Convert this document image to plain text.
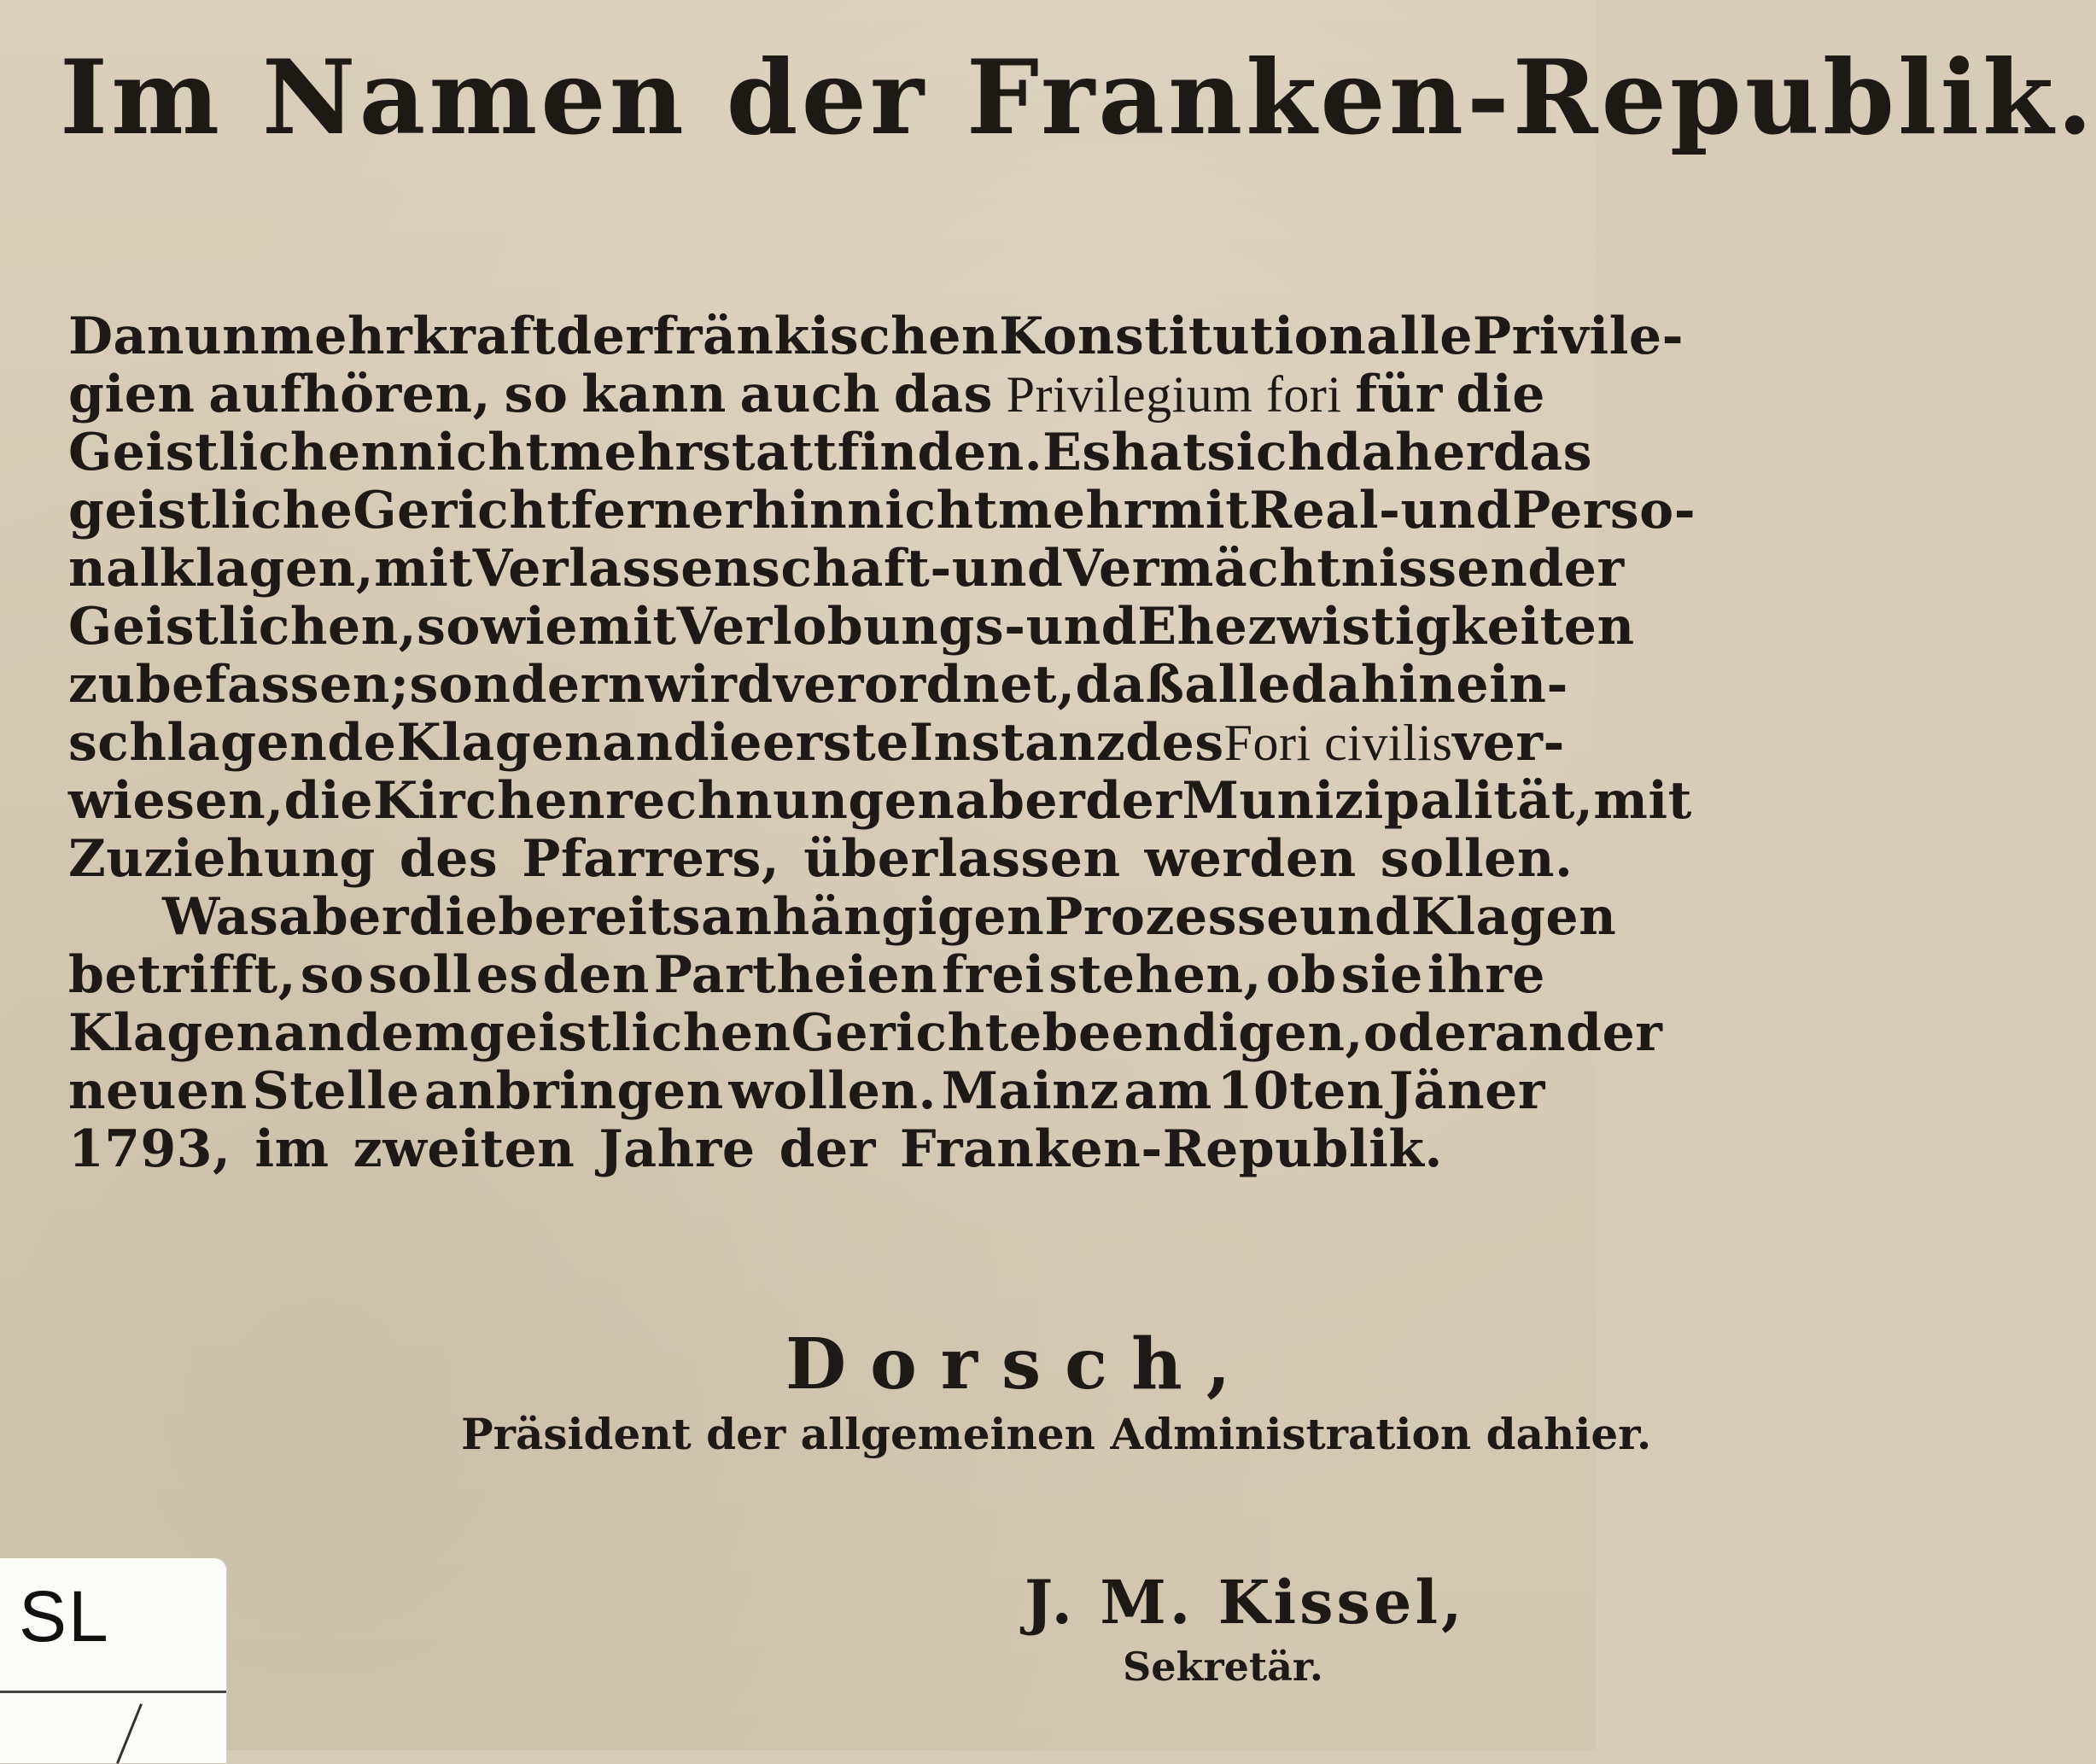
Im Namen der Franken-Republik.
Da nunmehr kraft der fränkischen Konstitution alle Privile-
gien aufhören, so kann auch das Privilegium fori für die
Geistlichen nicht mehr statt finden. Es hat sich daher das
geistliche Gericht fernerhin nicht mehr mit Real- und Perso-
nalklagen, mit Verlassenschaft- und Vermächtnissen der
Geistlichen, so wie mit Verlobungs- und Ehezwistigkeiten
zu befassen; sondern wird verordnet, daß alle dahin ein-
schlagende Klagen an die erste Instanz des Fori civilis ver-
wiesen, die Kirchenrechnungen aber der Munizipalität, mit
Zuziehung des Pfarrers, überlassen werden sollen.
Was aber die bereits anhängigen Prozesse und Klagen
betrifft, so soll es den Partheien frei stehen, ob sie ihre
Klagen an dem geistlichen Gerichte beendigen, oder an der
neuen Stelle anbringen wollen. Mainz am 10ten Jäner
1793, im zweiten Jahre der Franken-Republik.
Dorsch,
Präsident der allgemeinen Administration dahier.
J. M. Kissel,
Sekretär.
SL
